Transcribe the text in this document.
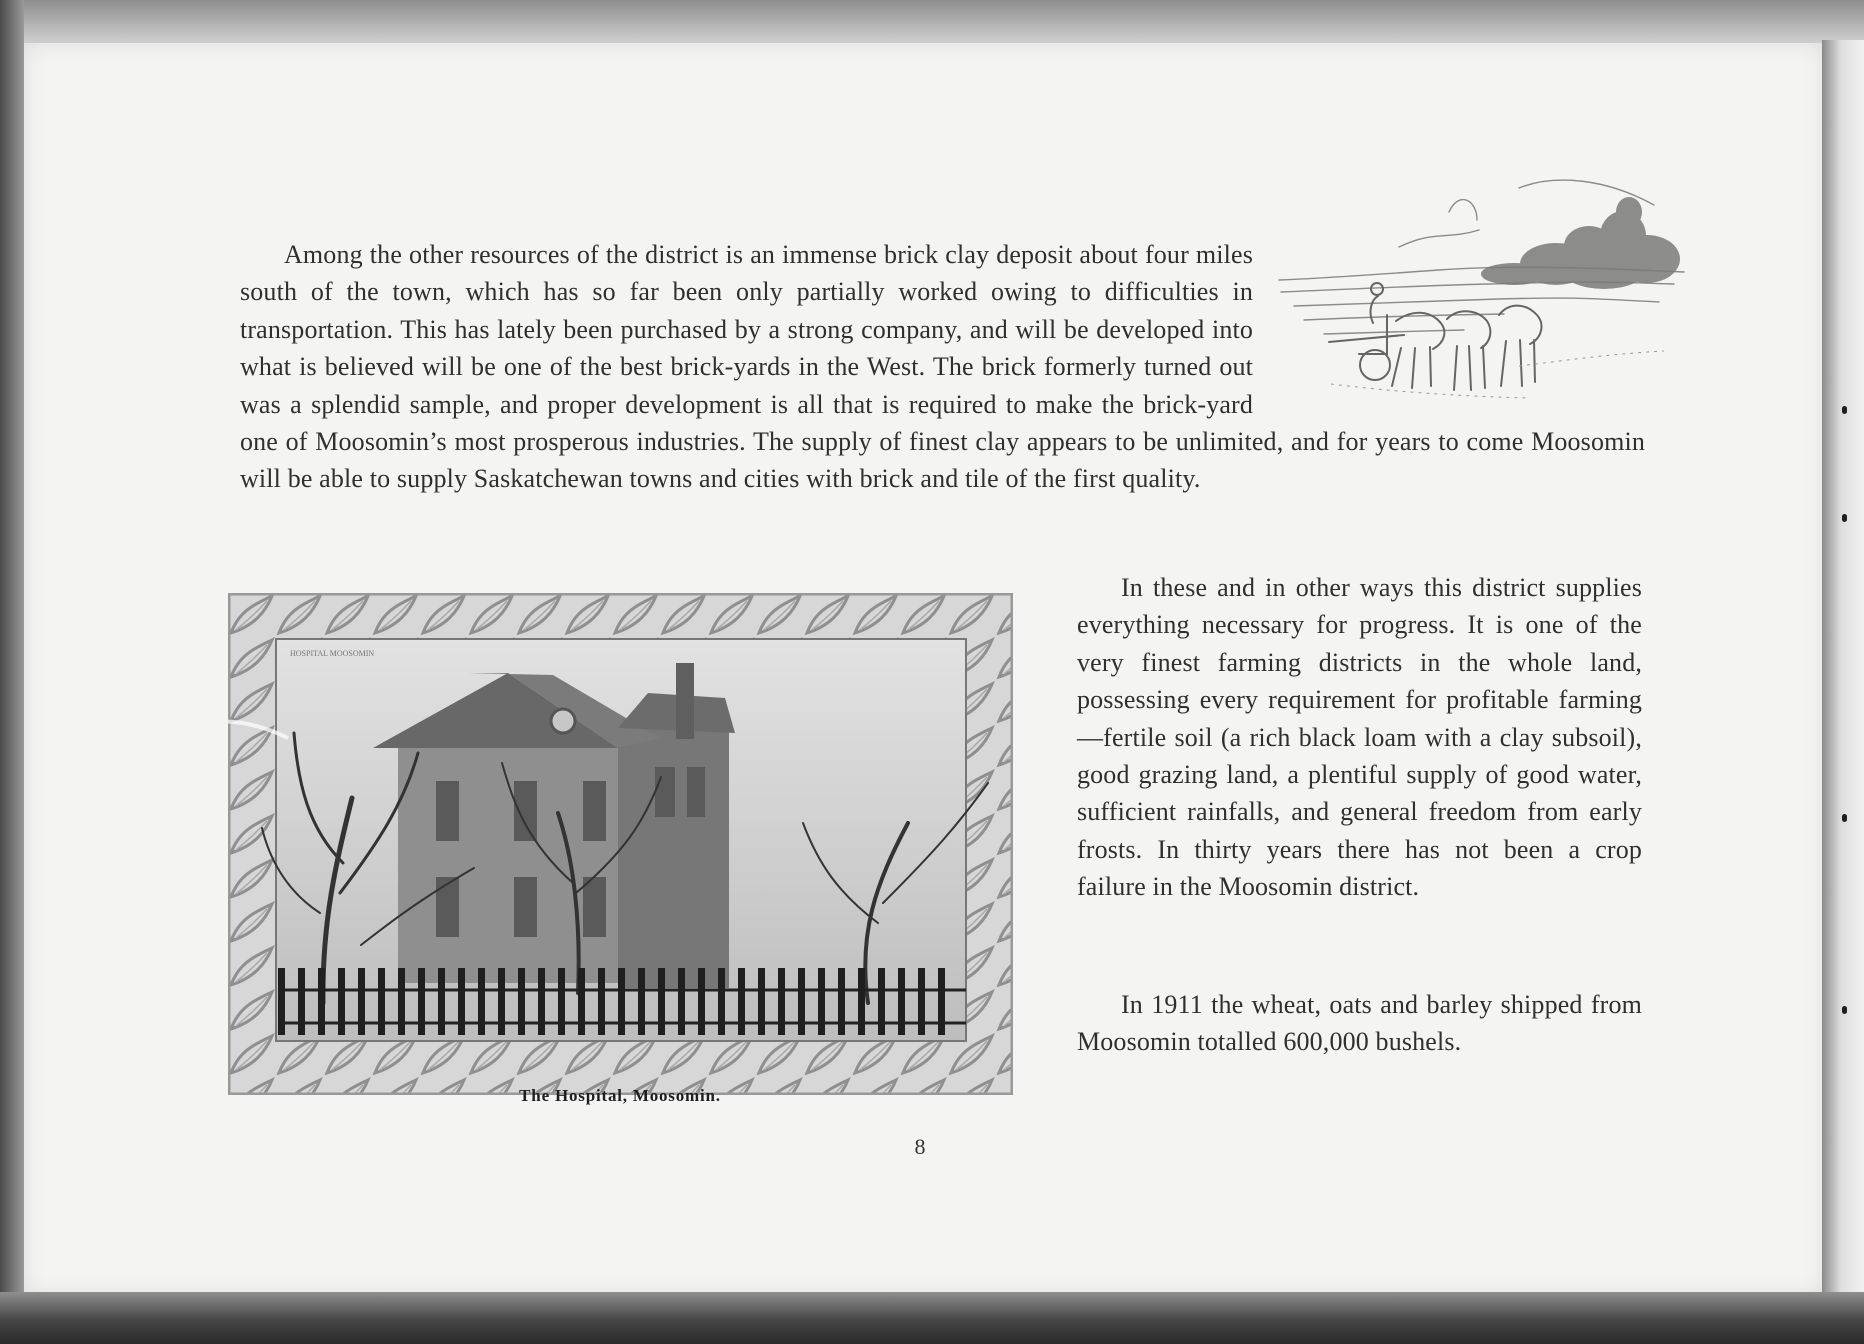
Among the other resources of the district is an immense brick clay deposit about four miles south of the town, which has so far been only partially worked owing to difficulties in transportation. This has lately been purchased by a strong company, and will be developed into what is believed will be one of the best brick-yards in the West. The brick formerly turned out was a splendid sample, and proper development is all that is required to make the brick-yard one of Moosomin’s most prosperous industries. The supply of finest clay appears to be unlimited, and for years to come Moosomin will be able to supply Saskatchewan towns and cities with brick and tile of the first quality.
HOSPITAL MOOSOMIN
The Hospital, Moosomin.
In these and in other ways this district supplies everything necessary for progress. It is one of the very finest farming districts in the whole land, possessing every requirement for profitable farming—fertile soil (a rich black loam with a clay subsoil), good grazing land, a plentiful supply of good water, sufficient rainfalls, and general freedom from early frosts. In thirty years there has not been a crop failure in the Moosomin district.
In 1911 the wheat, oats and barley shipped from Moosomin totalled 600,000 bushels.
8
